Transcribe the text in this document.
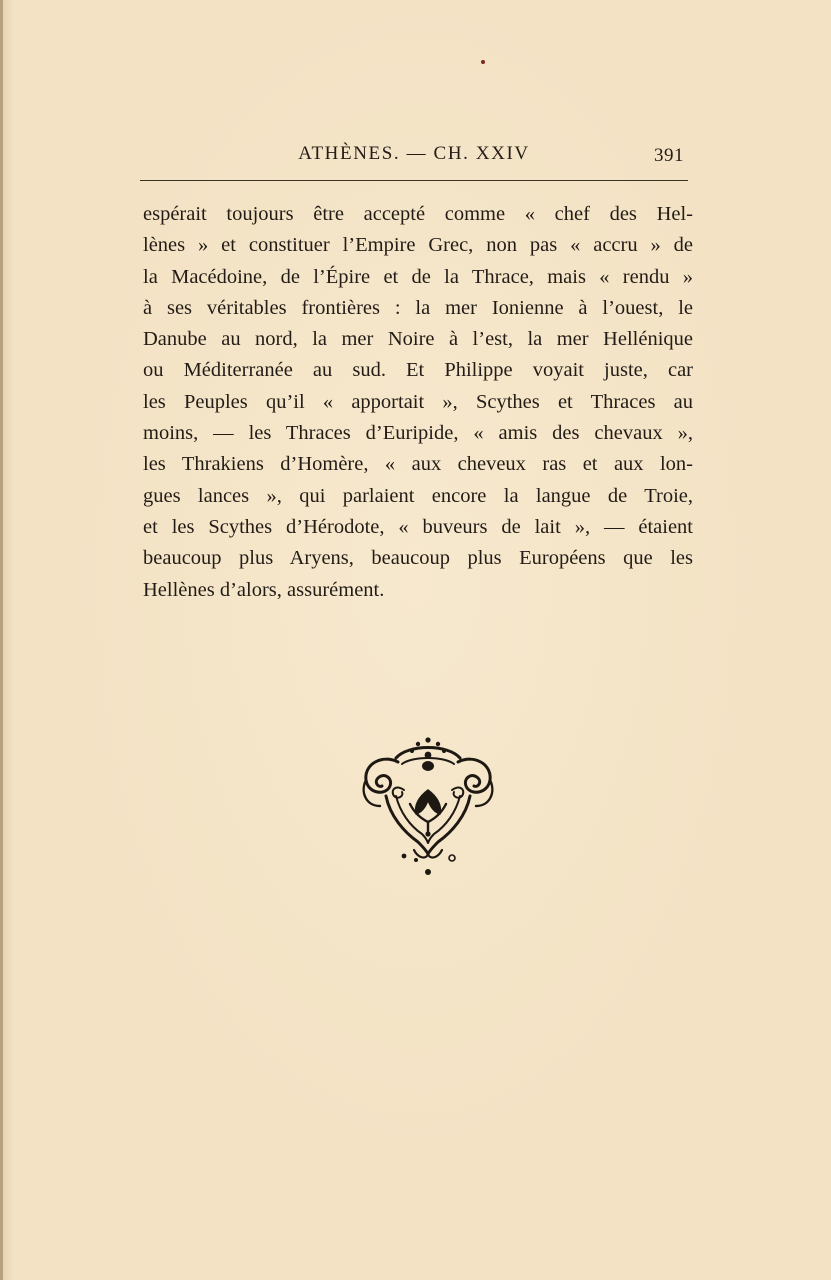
ATHÈNES. — CH. XXIV	391
espérait toujours être accepté comme « chef des Hel-
lènes » et constituer l’Empire Grec, non pas « accru » de
la Macédoine, de l’Épire et de la Thrace, mais « rendu »
à ses véritables frontières : la mer Ionienne à l’ouest, le
Danube au nord, la mer Noire à l’est, la mer Hellénique
ou Méditerranée au sud. Et Philippe voyait juste, car
les Peuples qu’il « apportait », Scythes et Thraces au
moins, — les Thraces d’Euripide, « amis des chevaux »,
les Thrakiens d’Homère, « aux cheveux ras et aux lon-
gues lances », qui parlaient encore la langue de Troie,
et les Scythes d’Hérodote, « buveurs de lait », — étaient
beaucoup plus Aryens, beaucoup plus Européens que les
Hellènes d’alors, assurément.
